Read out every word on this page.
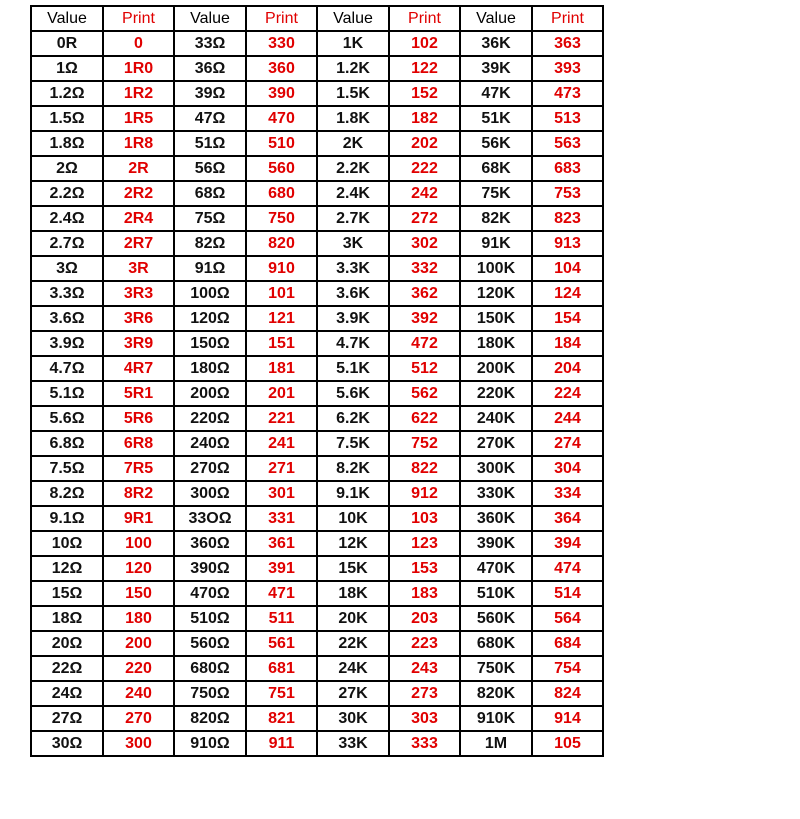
Value	Print	Value	Print	Value	Print	Value	Print
0R	0	33Ω	330	1K	102	36K	363
1Ω	1R0	36Ω	360	1.2K	122	39K	393
1.2Ω	1R2	39Ω	390	1.5K	152	47K	473
1.5Ω	1R5	47Ω	470	1.8K	182	51K	513
1.8Ω	1R8	51Ω	510	2K	202	56K	563
2Ω	2R	56Ω	560	2.2K	222	68K	683
2.2Ω	2R2	68Ω	680	2.4K	242	75K	753
2.4Ω	2R4	75Ω	750	2.7K	272	82K	823
2.7Ω	2R7	82Ω	820	3K	302	91K	913
3Ω	3R	91Ω	910	3.3K	332	100K	104
3.3Ω	3R3	100Ω	101	3.6K	362	120K	124
3.6Ω	3R6	120Ω	121	3.9K	392	150K	154
3.9Ω	3R9	150Ω	151	4.7K	472	180K	184
4.7Ω	4R7	180Ω	181	5.1K	512	200K	204
5.1Ω	5R1	200Ω	201	5.6K	562	220K	224
5.6Ω	5R6	220Ω	221	6.2K	622	240K	244
6.8Ω	6R8	240Ω	241	7.5K	752	270K	274
7.5Ω	7R5	270Ω	271	8.2K	822	300K	304
8.2Ω	8R2	300Ω	301	9.1K	912	330K	334
9.1Ω	9R1	33OΩ	331	10K	103	360K	364
10Ω	100	360Ω	361	12K	123	390K	394
12Ω	120	390Ω	391	15K	153	470K	474
15Ω	150	470Ω	471	18K	183	510K	514
18Ω	180	510Ω	511	20K	203	560K	564
20Ω	200	560Ω	561	22K	223	680K	684
22Ω	220	680Ω	681	24K	243	750K	754
24Ω	240	750Ω	751	27K	273	820K	824
27Ω	270	820Ω	821	30K	303	910K	914
30Ω	300	910Ω	911	33K	333	1M	105
